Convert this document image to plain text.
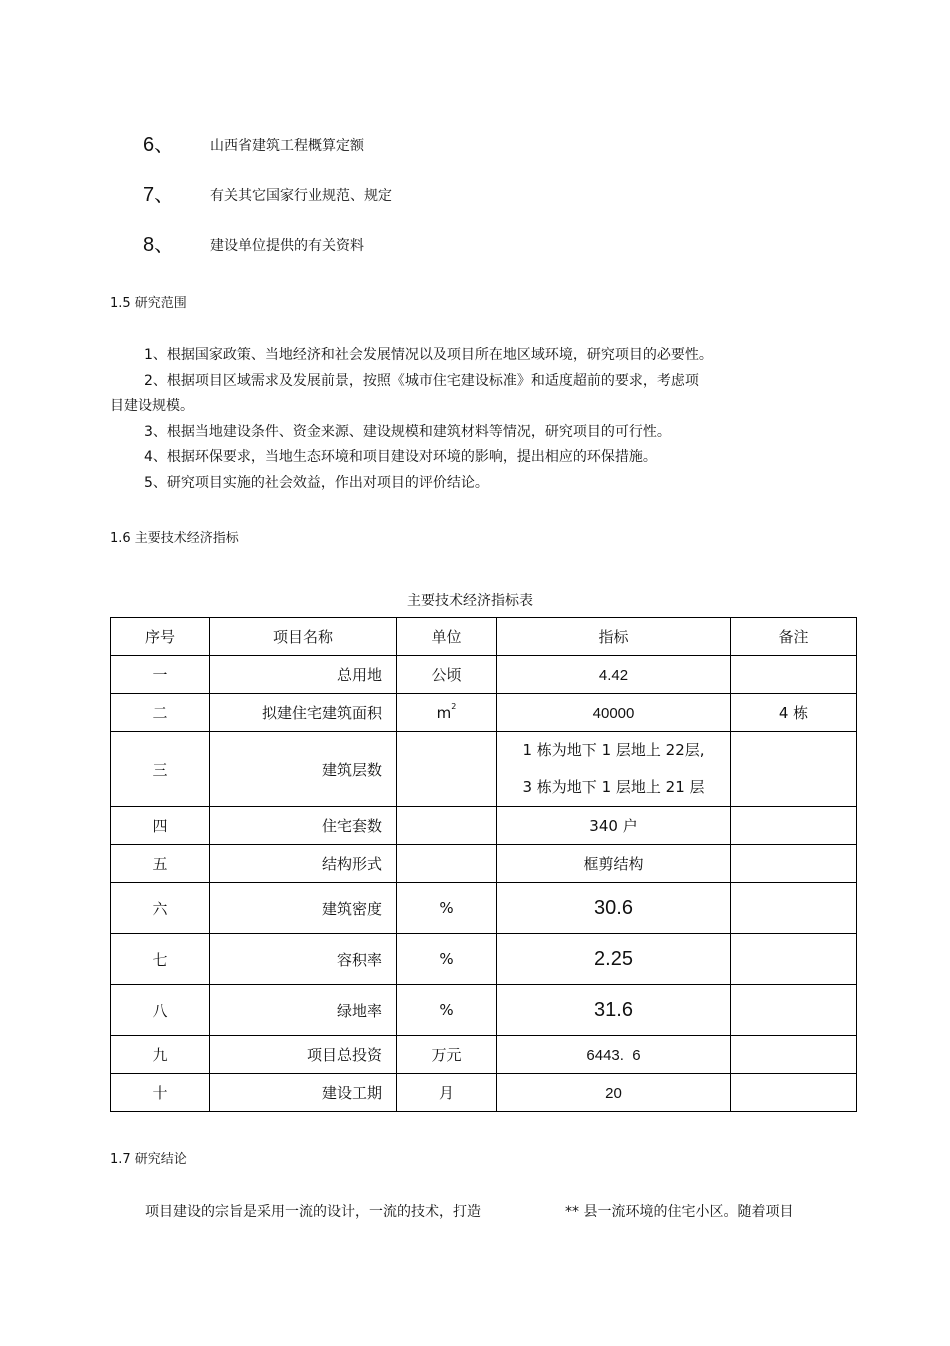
6、	山西省建筑工程概算定额
7、	有关其它国家行业规范、规定
8、	建设单位提供的有关资料
1.5 研究范围
1、根据国家政策、当地经济和社会发展情况以及项目所在地区域环境，研究项目的必要性。
2、根据项目区域需求及发展前景，按照《城市住宅建设标准》和适度超前的要求，考虑项
目建设规模。
3、根据当地建设条件、资金来源、建设规模和建筑材料等情况，研究项目的可行性。
4、根据环保要求，当地生态环境和项目建设对环境的影响，提出相应的环保措施。
5、研究项目实施的社会效益，作出对项目的评价结论。
1.6 主要技术经济指标
主要技术经济指标表
序号	项目名称	单位	指标	备注
一	总用地	公顷	4.42	
二	拟建住宅建筑面积	$m^2$	40000	4 栋
三	建筑层数		1 栋为地下 1 层地上 22层,
3 栋为地下 1 层地上 21 层	

四	住宅套数		340 户	
五	结构形式		框剪结构	
六	建筑密度	%	30.6	
七	容积率	%	2.25	
八	绿地率	%	31.6	
九	项目总投资	万元	6443.  6	
十	建设工期	月	20	
1.7 研究结论
项目建设的宗旨是采用一流的设计，一流的技术，打造	** 县一流环境的住宅小区。随着项目
